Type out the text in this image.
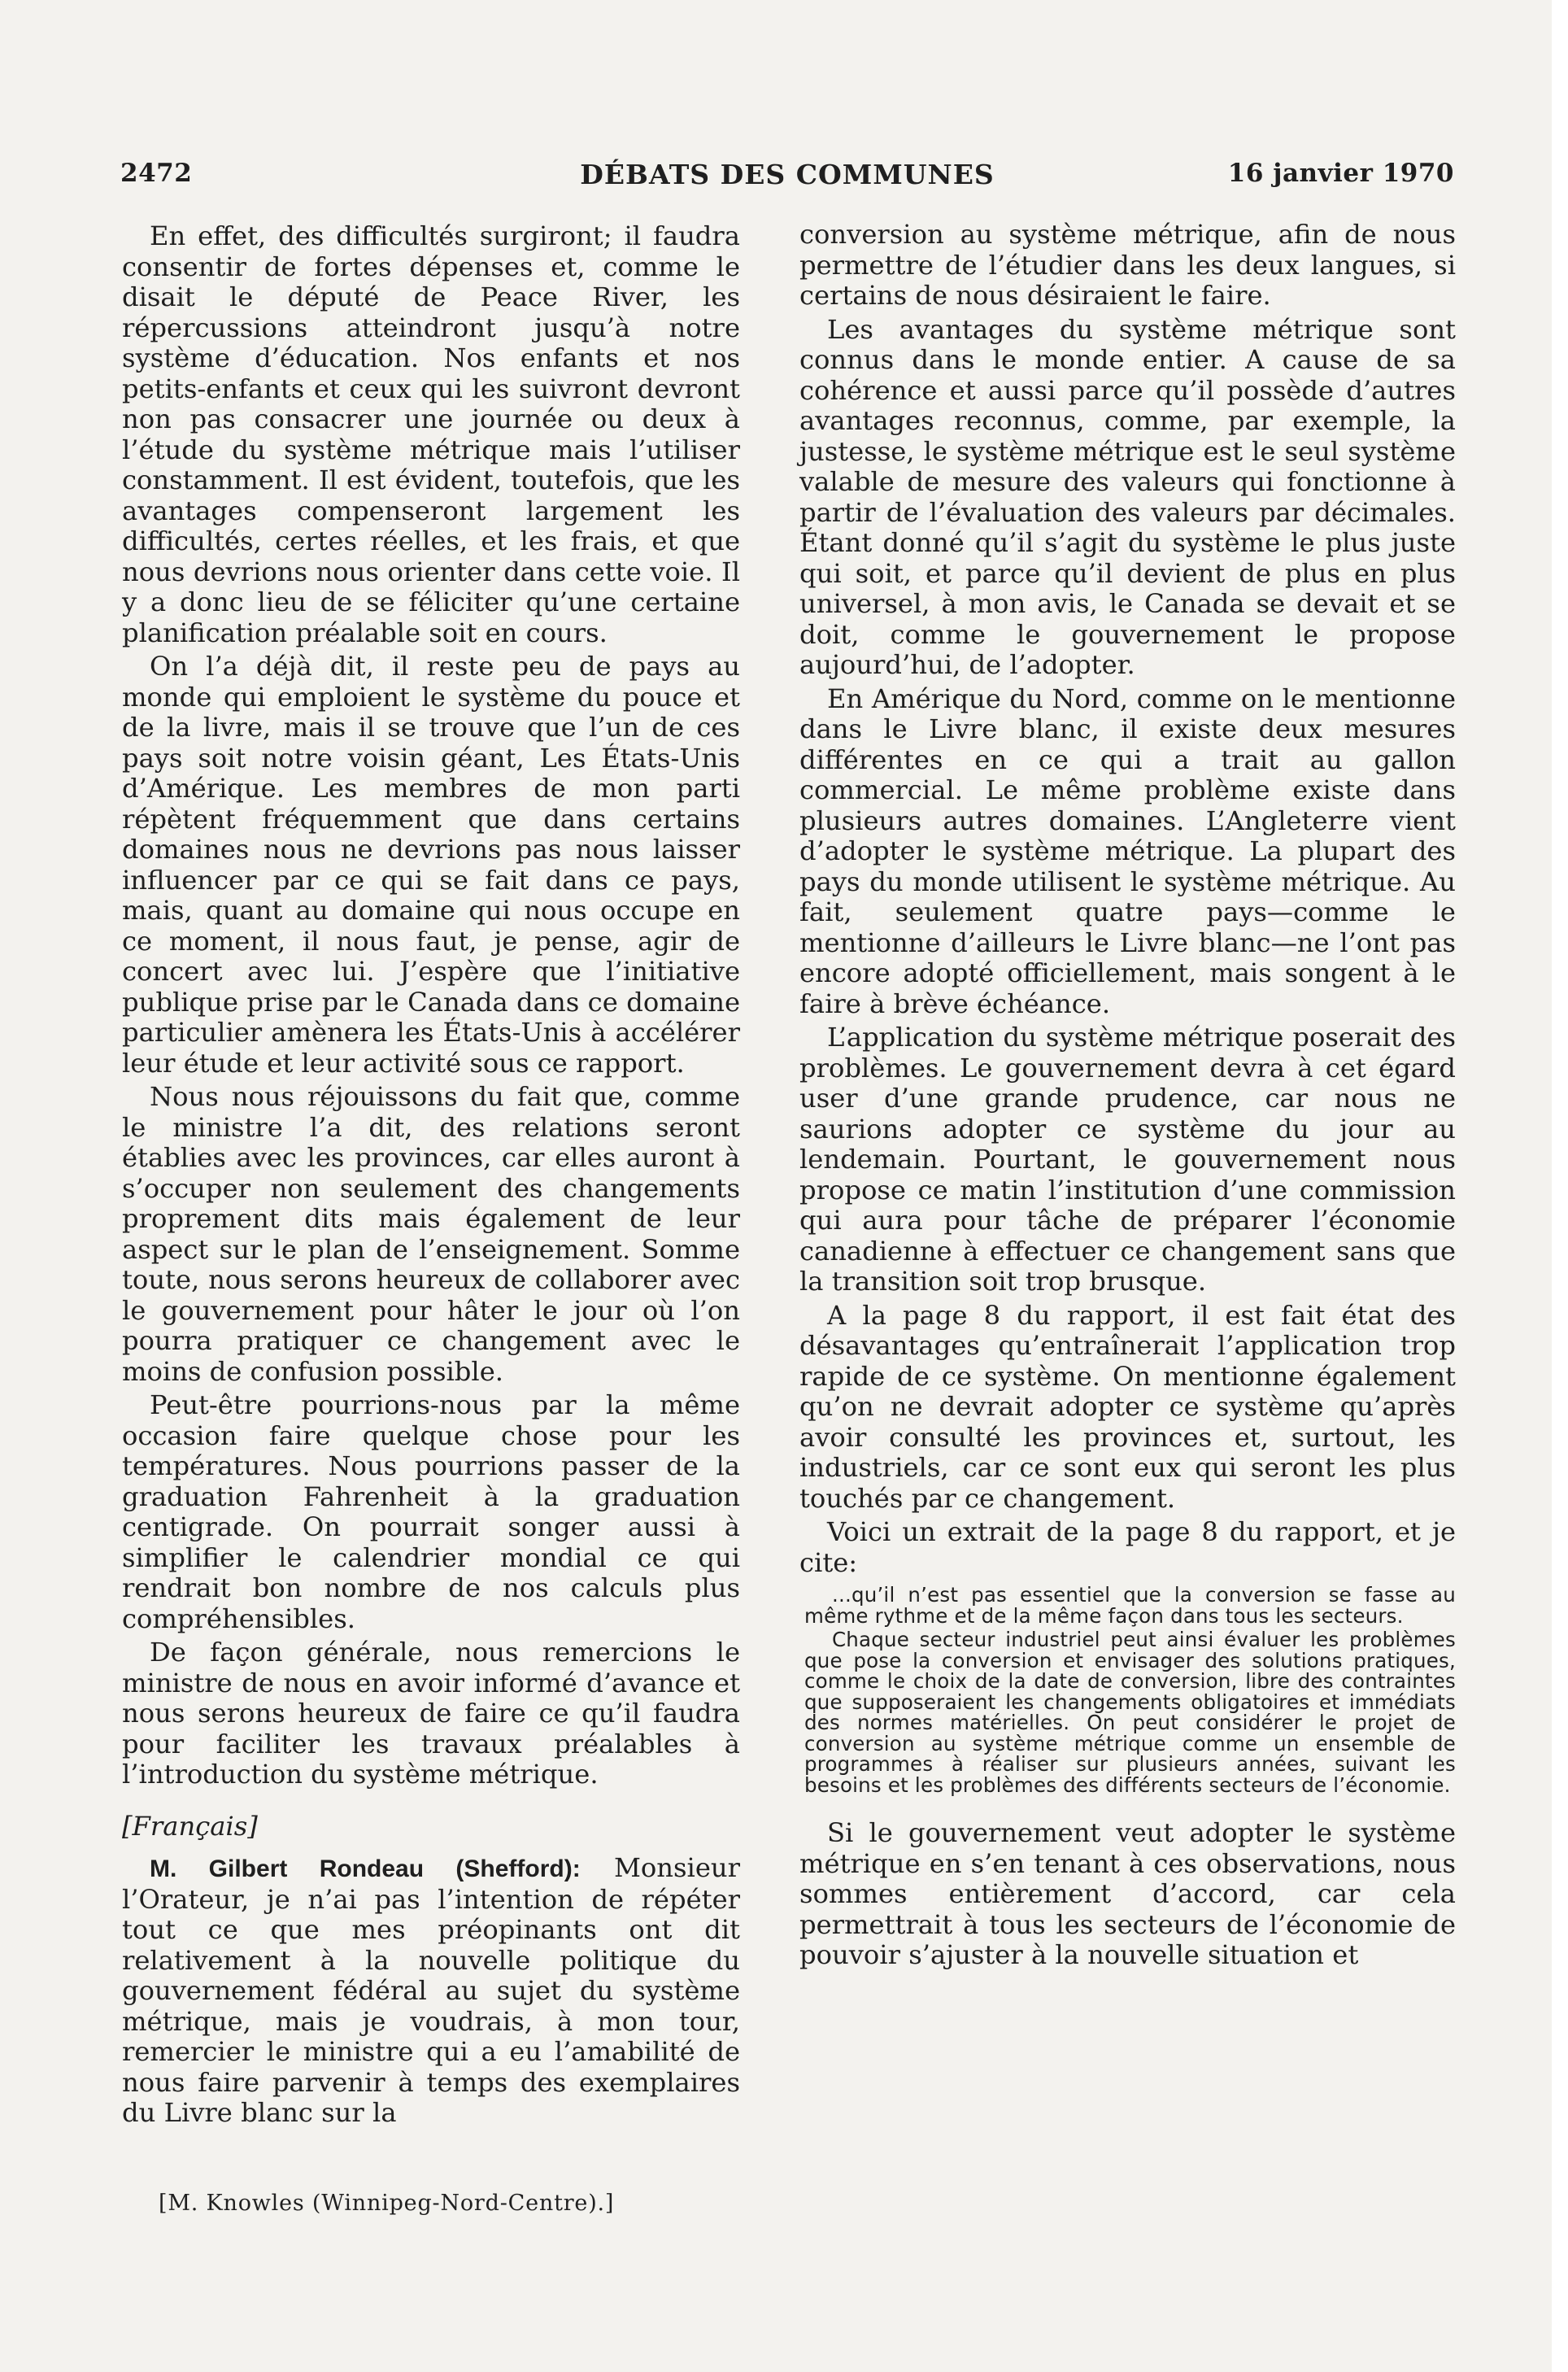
2472	DÉBATS DES COMMUNES	16 janvier 1970

En effet, des difficultés surgiront; il faudra consentir de fortes dépenses et, comme le disait le député de Peace River, les répercussions atteindront jusqu’à notre système d’éducation. Nos enfants et nos petits-enfants et ceux qui les suivront devront non pas consacrer une journée ou deux à l’étude du système métrique mais l’utiliser constamment. Il est évident, toutefois, que les avantages compenseront largement les difficultés, certes réelles, et les frais, et que nous devrions nous orienter dans cette voie. Il y a donc lieu de se féliciter qu’une certaine planification préalable soit en cours.

On l’a déjà dit, il reste peu de pays au monde qui emploient le système du pouce et de la livre, mais il se trouve que l’un de ces pays soit notre voisin géant, Les États-Unis d’Amérique. Les membres de mon parti répètent fréquemment que dans certains domaines nous ne devrions pas nous laisser influencer par ce qui se fait dans ce pays, mais, quant au domaine qui nous occupe en ce moment, il nous faut, je pense, agir de concert avec lui. J’espère que l’initiative publique prise par le Canada dans ce domaine particulier amènera les États-Unis à accélérer leur étude et leur activité sous ce rapport.

Nous nous réjouissons du fait que, comme le ministre l’a dit, des relations seront établies avec les provinces, car elles auront à s’occuper non seulement des changements proprement dits mais également de leur aspect sur le plan de l’enseignement. Somme toute, nous serons heureux de collaborer avec le gouvernement pour hâter le jour où l’on pourra pratiquer ce changement avec le moins de confusion possible.

Peut-être pourrions-nous par la même occasion faire quelque chose pour les températures. Nous pourrions passer de la graduation Fahrenheit à la graduation centigrade. On pourrait songer aussi à simplifier le calendrier mondial ce qui rendrait bon nombre de nos calculs plus compréhensibles.

De façon générale, nous remercions le ministre de nous en avoir informé d’avance et nous serons heureux de faire ce qu’il faudra pour faciliter les travaux préalables à l’introduction du système métrique.

[Français]

M. Gilbert Rondeau (Shefford): Monsieur l’Orateur, je n’ai pas l’intention de répéter tout ce que mes préopinants ont dit relativement à la nouvelle politique du gouvernement fédéral au sujet du système métrique, mais je voudrais, à mon tour, remercier le ministre qui a eu l’amabilité de nous faire parvenir à temps des exemplaires du Livre blanc sur la

conversion au système métrique, afin de nous permettre de l’étudier dans les deux langues, si certains de nous désiraient le faire.

Les avantages du système métrique sont connus dans le monde entier. A cause de sa cohérence et aussi parce qu’il possède d’autres avantages reconnus, comme, par exemple, la justesse, le système métrique est le seul système valable de mesure des valeurs qui fonctionne à partir de l’évaluation des valeurs par décimales. Étant donné qu’il s’agit du système le plus juste qui soit, et parce qu’il devient de plus en plus universel, à mon avis, le Canada se devait et se doit, comme le gouvernement le propose aujourd’hui, de l’adopter.

En Amérique du Nord, comme on le mentionne dans le Livre blanc, il existe deux mesures différentes en ce qui a trait au gallon commercial. Le même problème existe dans plusieurs autres domaines. L’Angleterre vient d’adopter le système métrique. La plupart des pays du monde utilisent le système métrique. Au fait, seulement quatre pays—comme le mentionne d’ailleurs le Livre blanc—ne l’ont pas encore adopté officiellement, mais songent à le faire à brève échéance.

L’application du système métrique poserait des problèmes. Le gouvernement devra à cet égard user d’une grande prudence, car nous ne saurions adopter ce système du jour au lendemain. Pourtant, le gouvernement nous propose ce matin l’institution d’une commission qui aura pour tâche de préparer l’économie canadienne à effectuer ce changement sans que la transition soit trop brusque.

A la page 8 du rapport, il est fait état des désavantages qu’entraînerait l’application trop rapide de ce système. On mentionne également qu’on ne devrait adopter ce système qu’après avoir consulté les provinces et, surtout, les industriels, car ce sont eux qui seront les plus touchés par ce changement.

Voici un extrait de la page 8 du rapport, et je cite:

...qu’il n’est pas essentiel que la conversion se fasse au même rythme et de la même façon dans tous les secteurs.

Chaque secteur industriel peut ainsi évaluer les problèmes que pose la conversion et envisager des solutions pratiques, comme le choix de la date de conversion, libre des contraintes que supposeraient les changements obligatoires et immédiats des normes matérielles. On peut considérer le projet de conversion au système métrique comme un ensemble de programmes à réaliser sur plusieurs années, suivant les besoins et les problèmes des différents secteurs de l’économie.

Si le gouvernement veut adopter le système métrique en s’en tenant à ces observations, nous sommes entièrement d’accord, car cela permettrait à tous les secteurs de l’économie de pouvoir s’ajuster à la nouvelle situation et

[M. Knowles (Winnipeg-Nord-Centre).]
